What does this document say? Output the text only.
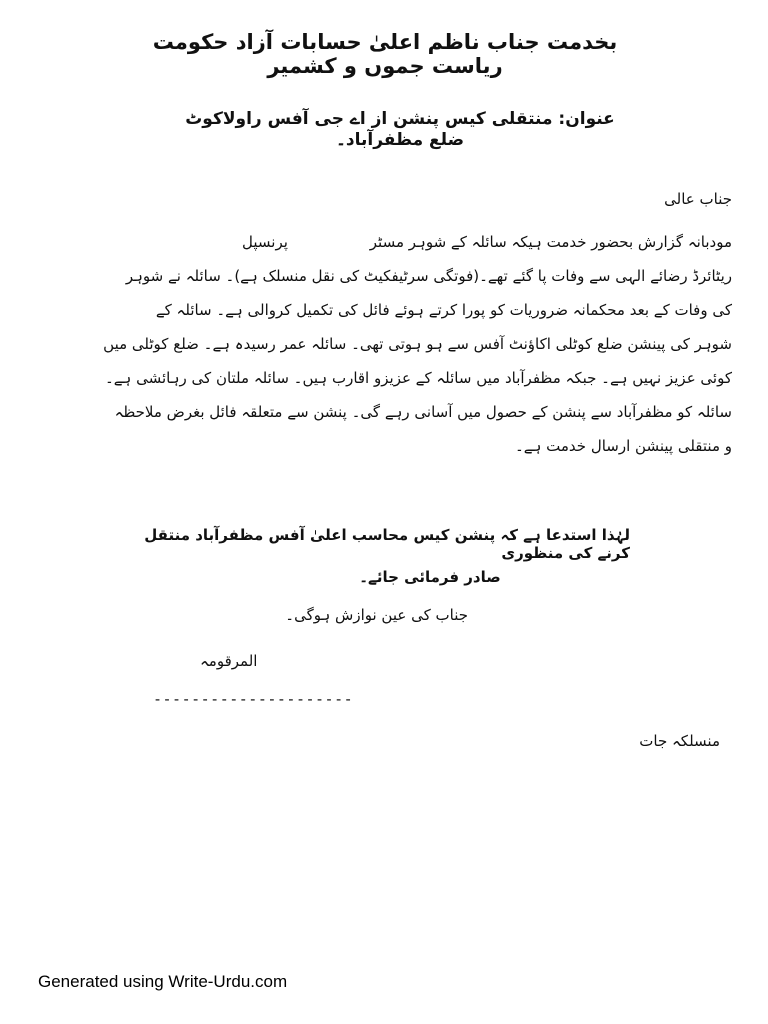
بخدمت جناب ناظم اعلیٰ حسابات آزاد حکومت ریاست جموں و کشمیر
عنوان: منتقلی کیس پنشن از اے جی آفس راولاکوٹ ضلع مظفرآباد۔
جناب عالی
مودبانہ گزارش بحضور خدمت ہیکہ سائلہ کے شوہر مسٹر
پرنسپل
ریٹائرڈ رضائے الہی سے وفات پا گئے تھے۔(فوتگی سرٹیفکیٹ کی نقل منسلک ہے)۔ سائلہ نے شوہر
کی وفات کے بعد محکمانہ ضروریات کو پورا کرتے ہوئے فائل کی تکمیل کروالی ہے۔ سائلہ کے
شوہر کی پینشن ضلع کوٹلی اکاؤنٹ آفس سے ہو ہوتی تھی۔ سائلہ عمر رسیدہ ہے۔ ضلع کوٹلی میں
کوئی عزیز نہیں ہے۔ جبکہ مظفرآباد میں سائلہ کے عزیزو اقارب ہیں۔ سائلہ ملتان کی رہائشی ہے۔
سائلہ کو مظفرآباد سے پنشن کے حصول میں آسانی رہے گی۔ پنشن سے متعلقہ فائل بغرض ملاحظہ
و منتقلی پینشن ارسال خدمت ہے۔
لہٰذا استدعا ہے کہ پنشن کیس محاسب اعلیٰ آفس مظفرآباد منتقل کرنے کی منظوری
صادر فرمائی جائے۔
جناب کی عین نوازش ہوگی۔
المرقومہ
---------------------
منسلکہ جات
Generated using Write-Urdu.com
